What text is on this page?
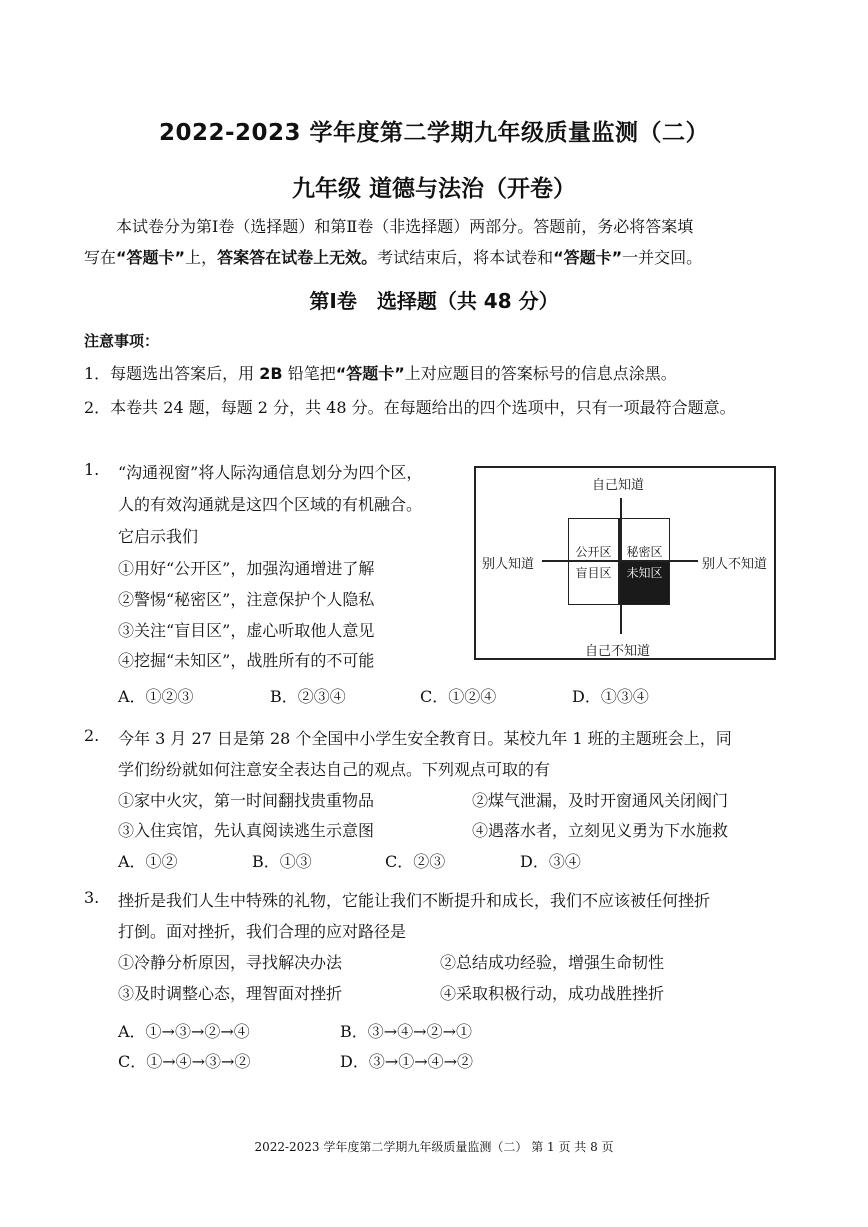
2022-2023 学年度第二学期九年级质量监测（二）
九年级 道德与法治（开卷）

本试卷分为第Ⅰ卷（选择题）和第Ⅱ卷（非选择题）两部分。答题前，务必将答案填

写在“答题卡”上，答案答在试卷上无效。考试结束后，将本试卷和“答题卡”一并交回。

第Ⅰ卷　选择题（共 48 分）
注意事项：
1．每题选出答案后，用 2B 铅笔把“答题卡”上对应题目的答案标号的信息点涂黑。
2．本卷共 24 题，每题 2 分，共 48 分。在每题给出的四个选项中，只有一项最符合题意。
1. “沟通视窗”将人际沟通信息划分为四个区，
人的有效沟通就是这四个区域的有机融合。
它启示我们
①用好“公开区”，加强沟通增进了解
②警惕“秘密区”，注意保护个人隐私
③关注“盲目区”，虚心听取他人意见
④挖掘“未知区”，战胜所有的不可能
自己知道
自己不知道
别人知道	别人不知道
公开区	秘密区
盲目区	未知区
A．①②③	B．②③④	C．①②④	D．①③④
2. 今年 3 月 27 日是第 28 个全国中小学生安全教育日。某校九年 1 班的主题班会上，同
学们纷纷就如何注意安全表达自己的观点。下列观点可取的有
①家中火灾，第一时间翻找贵重物品	②煤气泄漏，及时开窗通风关闭阀门
③入住宾馆，先认真阅读逃生示意图	④遇落水者，立刻见义勇为下水施救
A．①②	B．①③	C．②③	D．③④
3. 挫折是我们人生中特殊的礼物，它能让我们不断提升和成长，我们不应该被任何挫折
打倒。面对挫折，我们合理的应对路径是
①冷静分析原因，寻找解决办法	②总结成功经验，增强生命韧性
③及时调整心态，理智面对挫折	④采取积极行动，成功战胜挫折
A．①→③→②→④	B．③→④→②→①
C．①→④→③→②	D．③→①→④→②
2022-2023 学年度第二学期九年级质量监测（二） 第 1 页 共 8 页
